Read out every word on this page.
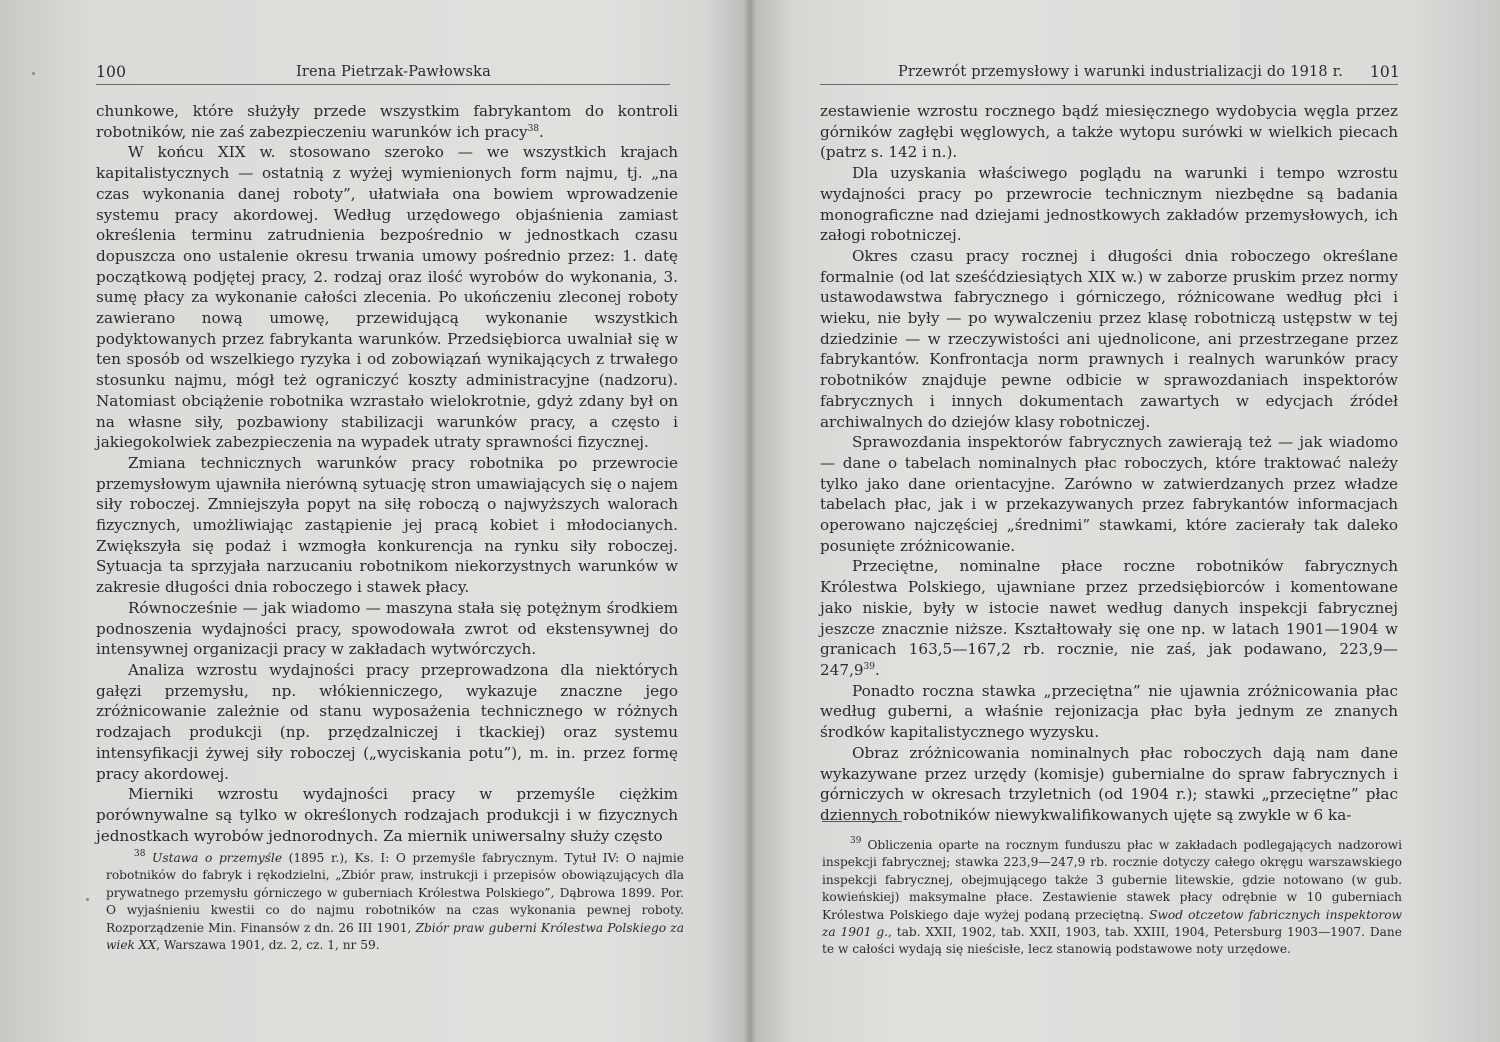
100	Irena Pietrzak-Pawłowska

chunkowe, które służyły przede wszystkim fabrykantom do kontroli robotników, nie zaś zabezpieczeniu warunków ich pracy$^{38}$.

W końcu XIX w. stosowano szeroko — we wszystkich krajach kapitalistycznych — ostatnią z wyżej wymienionych form najmu, tj. „na czas wykonania danej roboty”, ułatwiała ona bowiem wprowadzenie systemu pracy akordowej. Według urzędowego objaśnienia zamiast określenia terminu zatrudnienia bezpośrednio w jednostkach czasu dopuszcza ono ustalenie okresu trwania umowy pośrednio przez: 1. datę początkową podjętej pracy, 2. rodzaj oraz ilość wyrobów do wykonania, 3. sumę płacy za wykonanie całości zlecenia. Po ukończeniu zleconej roboty zawierano nową umowę, przewidującą wykonanie wszystkich podyktowanych przez fabrykanta warunków. Przedsiębiorca uwalniał się w ten sposób od wszelkiego ryzyka i od zobowiązań wynikających z trwałego stosunku najmu, mógł też ograniczyć koszty administracyjne (nadzoru). Natomiast obciążenie robotnika wzrastało wielokrotnie, gdyż zdany był on na własne siły, pozbawiony stabilizacji warunków pracy, a często i jakiegokolwiek zabezpieczenia na wypadek utraty sprawności fizycznej.

Zmiana technicznych warunków pracy robotnika po przewrocie przemysłowym ujawniła nierówną sytuację stron umawiających się o najem siły roboczej. Zmniejszyła popyt na siłę roboczą o najwyższych walorach fizycznych, umożliwiając zastąpienie jej pracą kobiet i młodocianych. Zwiększyła się podaż i wzmogła konkurencja na rynku siły roboczej. Sytuacja ta sprzyjała narzucaniu robotnikom niekorzystnych warunków w zakresie długości dnia roboczego i stawek płacy.

Równocześnie — jak wiadomo — maszyna stała się potężnym środkiem podnoszenia wydajności pracy, spowodowała zwrot od ekstensywnej do intensywnej organizacji pracy w zakładach wytwórczych.

Analiza wzrostu wydajności pracy przeprowadzona dla niektórych gałęzi przemysłu, np. włókienniczego, wykazuje znaczne jego zróżnicowanie zależnie od stanu wyposażenia technicznego w różnych rodzajach produkcji (np. przędzalniczej i tkackiej) oraz systemu intensyfikacji żywej siły roboczej („wyciskania potu”), m. in. przez formę pracy akordowej.

Mierniki wzrostu wydajności pracy w przemyśle ciężkim porównywalne są tylko w określonych rodzajach produkcji i w fizycznych jednostkach wyrobów jednorodnych. Za miernik uniwersalny służy często

$^{38}$ Ustawa o przemyśle (1895 r.), Ks. I: O przemyśle fabrycznym. Tytuł IV: O najmie robotników do fabryk i rękodzielni, „Zbiór praw, instrukcji i przepisów obowiązujących dla prywatnego przemysłu górniczego w guberniach Królestwa Polskiego”, Dąbrowa 1899. Por. O wyjaśnieniu kwestii co do najmu robotników na czas wykonania pewnej roboty. Rozporządzenie Min. Finansów z dn. 26 III 1901, Zbiór praw guberni Królestwa Polskiego za wiek XX, Warszawa 1901, dz. 2, cz. 1, nr 59.

Przewrót przemysłowy i warunki industrializacji do 1918 r. 101

zestawienie wzrostu rocznego bądź miesięcznego wydobycia węgla przez górników zagłębi węglowych, a także wytopu surówki w wielkich piecach (patrz s. 142 i n.).

Dla uzyskania właściwego poglądu na warunki i tempo wzrostu wydajności pracy po przewrocie technicznym niezbędne są badania monograficzne nad dziejami jednostkowych zakładów przemysłowych, ich załogi robotniczej.

Okres czasu pracy rocznej i długości dnia roboczego określane formalnie (od lat sześćdziesiątych XIX w.) w zaborze pruskim przez normy ustawodawstwa fabrycznego i górniczego, różnicowane według płci i wieku, nie były — po wywalczeniu przez klasę robotniczą ustępstw w tej dziedzinie — w rzeczywistości ani ujednolicone, ani przestrzegane przez fabrykantów. Konfrontacja norm prawnych i realnych warunków pracy robotników znajduje pewne odbicie w sprawozdaniach inspektorów fabrycznych i innych dokumentach zawartych w edycjach źródeł archiwalnych do dziejów klasy robotniczej.

Sprawozdania inspektorów fabrycznych zawierają też — jak wiadomo — dane o tabelach nominalnych płac roboczych, które traktować należy tylko jako dane orientacyjne. Zarówno w zatwierdzanych przez władze tabelach płac, jak i w przekazywanych przez fabrykantów informacjach operowano najczęściej „średnimi” stawkami, które zacierały tak daleko posunięte zróżnicowanie.

Przeciętne, nominalne płace roczne robotników fabrycznych Królestwa Polskiego, ujawniane przez przedsiębiorców i komentowane jako niskie, były w istocie nawet według danych inspekcji fabrycznej jeszcze znacznie niższe. Kształtowały się one np. w latach 1901—1904 w granicach 163,5—167,2 rb. rocznie, nie zaś, jak podawano, 223,9—247,9$^{39}$.

Ponadto roczna stawka „przeciętna” nie ujawnia zróżnicowania płac według guberni, a właśnie rejonizacja płac była jednym ze znanych środków kapitalistycznego wyzysku.

Obraz zróżnicowania nominalnych płac roboczych dają nam dane wykazywane przez urzędy (komisje) gubernialne do spraw fabrycznych i górniczych w okresach trzyletnich (od 1904 r.); stawki „przeciętne” płac dziennych robotników niewykwalifikowanych ujęte są zwykle w 6 ka-

$^{39}$ Obliczenia oparte na rocznym funduszu płac w zakładach podlegających nadzorowi inspekcji fabrycznej; stawka 223,9—247,9 rb. rocznie dotyczy całego okręgu warszawskiego inspekcji fabrycznej, obejmującego także 3 gubernie litewskie, gdzie notowano (w gub. kowieńskiej) maksymalne płace. Zestawienie stawek płacy odrębnie w 10 guberniach Królestwa Polskiego daje wyżej podaną przeciętną. Swod otczetow fabricznych inspektorow za 1901 g., tab. XXII, 1902, tab. XXII, 1903, tab. XXIII, 1904, Petersburg 1903—1907. Dane te w całości wydają się nieścisłe, lecz stanowią podstawowe noty urzędowe.
